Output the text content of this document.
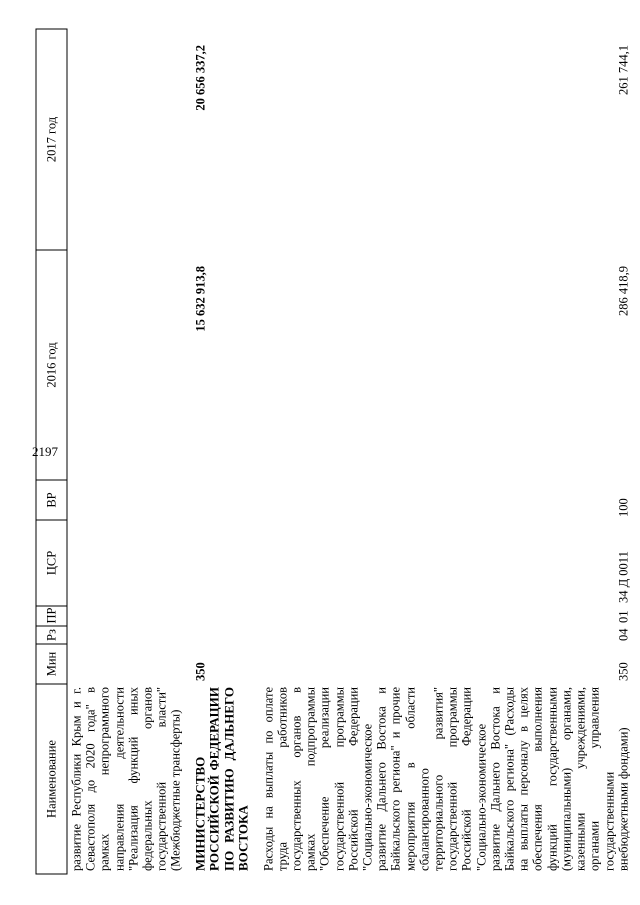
2197
Наименование	Мин	Рз	ПР	ЦСР	ВР	2016 год	2017 год
развитие Республики Крым и г. Севастополя до 2020 года" в рамках непрограммного направления деятельности "Реализация функций иных федеральных органов государственной власти" (Межбюджетные трансферты)							
МИНИСТЕРСТВО РОССИЙСКОЙ ФЕДЕРАЦИИ ПО РАЗВИТИЮ ДАЛЬНЕГО ВОСТОКА	350					15 632 913,8	20 656 337,2
Расходы на выплаты по оплате труда работников государственных органов в рамках подпрограммы "Обеспечение реализации государственной программы Российской Федерации "Социально-экономическое развитие Дальнего Востока и Байкальского региона" и прочие мероприятия в области сбалансированного территориального развития" государственной программы Российской Федерации "Социально-экономическое развитие Дальнего Востока и Байкальского региона" (Расходы на выплаты персоналу в целях обеспечения выполнения функций государственными (муниципальными) органами, казенными учреждениями, органами управления государственными внебюджетными фондами)	350	04	01	34 Д 0011	100	286 418,9	261 744,1
